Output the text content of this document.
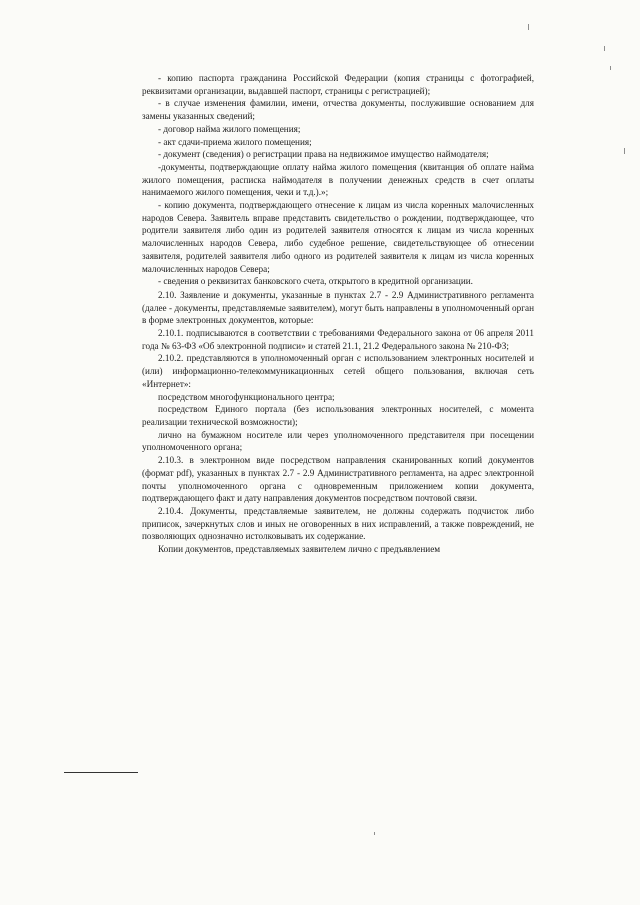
- копию паспорта гражданина Российской Федерации (копия страницы с фотографией, реквизитами организации, выдавшей паспорт, страницы с регистрацией);

- в случае изменения фамилии, имени, отчества документы, послужившие основанием для замены указанных сведений;

- договор найма жилого помещения;

- акт сдачи-приема жилого помещения;

- документ (сведения) о регистрации права на недвижимое имущество наймодателя;

-документы, подтверждающие оплату найма жилого помещения (квитанция об оплате найма жилого помещения, расписка наймодателя в получении денежных средств в счет оплаты нанимаемого жилого помещения, чеки и т.д.).»;

- копию документа, подтверждающего отнесение к лицам из числа коренных малочисленных народов Севера. Заявитель вправе представить свидетельство о рождении, подтверждающее, что родители заявителя либо один из родителей заявителя относятся к лицам из числа коренных малочисленных народов Севера, либо судебное решение, свидетельствующее об отнесении заявителя, родителей заявителя либо одного из родителей заявителя к лицам из числа коренных малочисленных народов Севера;

- сведения о реквизитах банковского счета, открытого в кредитной организации.

2.10. Заявление и документы, указанные в пунктах 2.7 - 2.9 Административного регламента (далее - документы, представляемые заявителем), могут быть направлены в уполномоченный орган в форме электронных документов, которые:

2.10.1. подписываются в соответствии с требованиями Федерального закона от 06 апреля 2011 года № 63-ФЗ «Об электронной подписи» и статей 21.1, 21.2 Федерального закона № 210-ФЗ;

2.10.2. представляются в уполномоченный орган с использованием электронных носителей и (или) информационно-телекоммуникационных сетей общего пользования, включая сеть «Интернет»:

посредством многофункционального центра;

посредством Единого портала (без использования электронных носителей, с момента реализации технической возможности);

лично на бумажном носителе или через уполномоченного представителя при посещении уполномоченного органа;

2.10.3. в электронном виде посредством направления сканированных копий документов (формат pdf), указанных в пунктах 2.7 - 2.9 Административного регламента, на адрес электронной почты уполномоченного органа с одновременным приложением копии документа, подтверждающего факт и дату направления документов посредством почтовой связи.

2.10.4. Документы, представляемые заявителем, не должны содержать подчисток либо приписок, зачеркнутых слов и иных не оговоренных в них исправлений, а также повреждений, не позволяющих однозначно истолковывать их содержание.

Копии документов, представляемых заявителем лично с предъявлением
